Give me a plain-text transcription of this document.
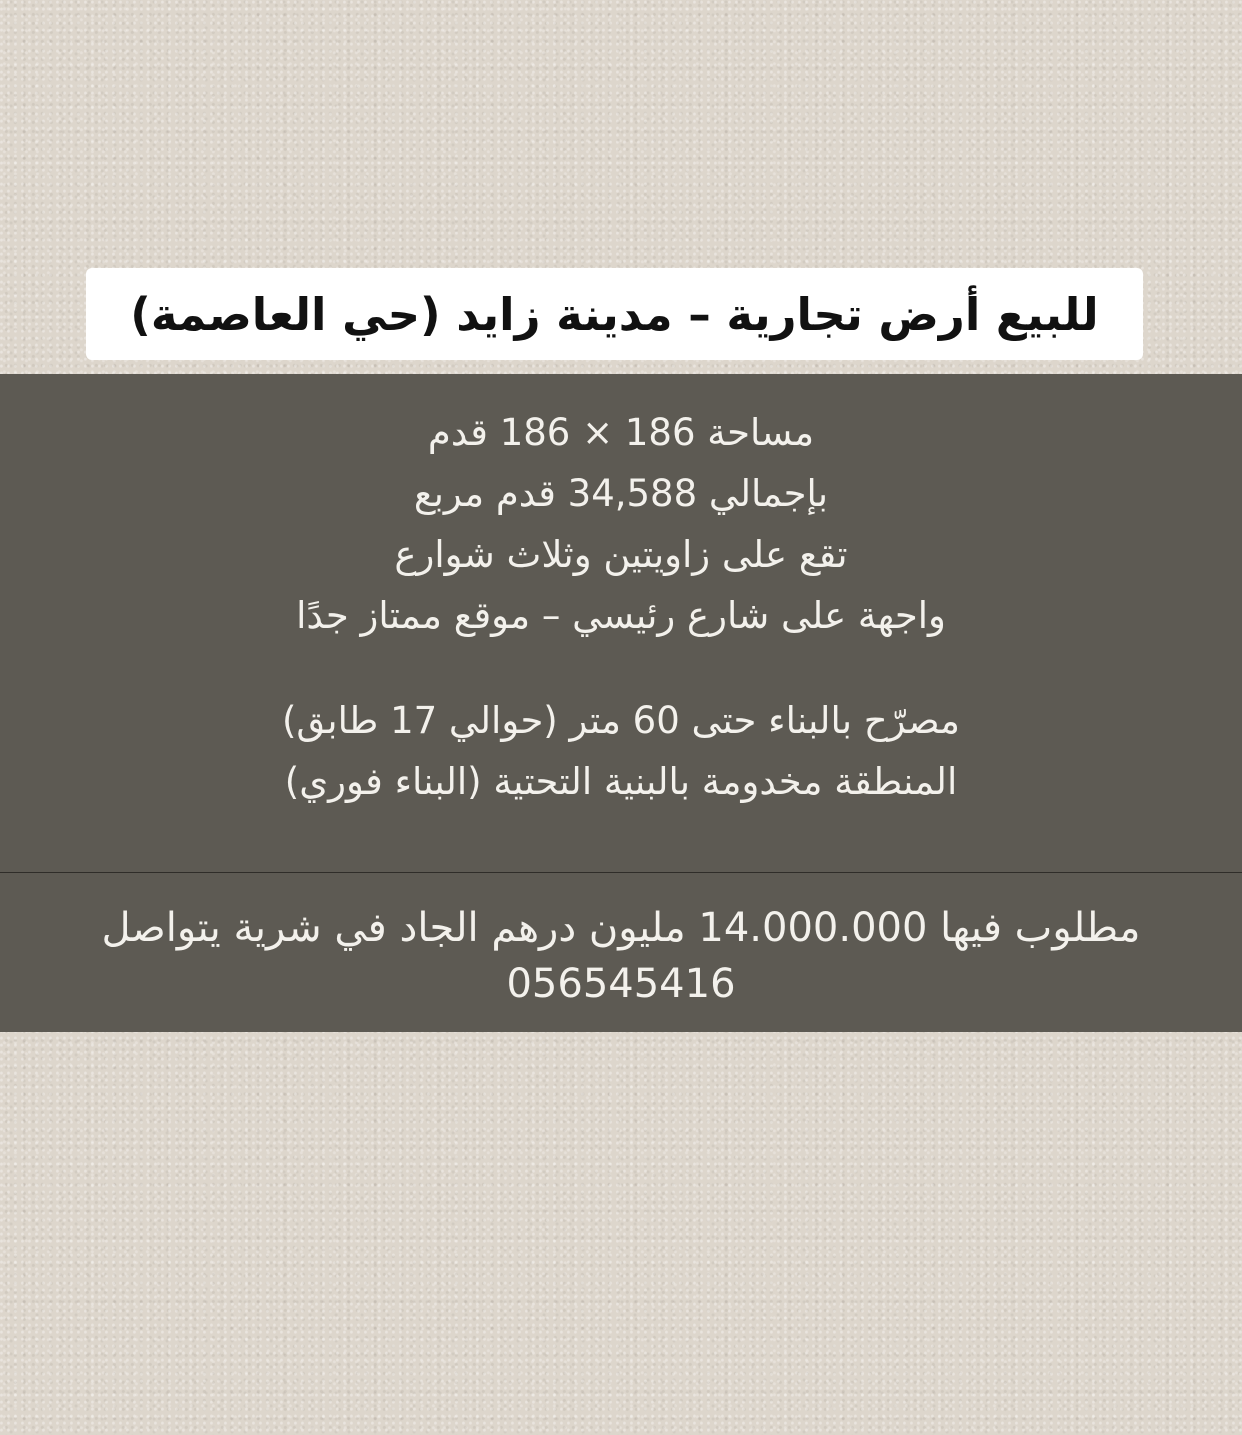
للبيع أرض تجارية – مدينة زايد (حي العاصمة)
مساحة 186 × 186 قدم
بإجمالي 34,588 قدم مربع
تقع على زاويتين وثلاث شوارع
واجهة على شارع رئيسي – موقع ممتاز جدًا
مصرّح بالبناء حتى 60 متر (حوالي 17 طابق)
المنطقة مخدومة بالبنية التحتية (البناء فوري)
مطلوب فيها 14.000.000 مليون درهم الجاد في شرية يتواصل
056545416
